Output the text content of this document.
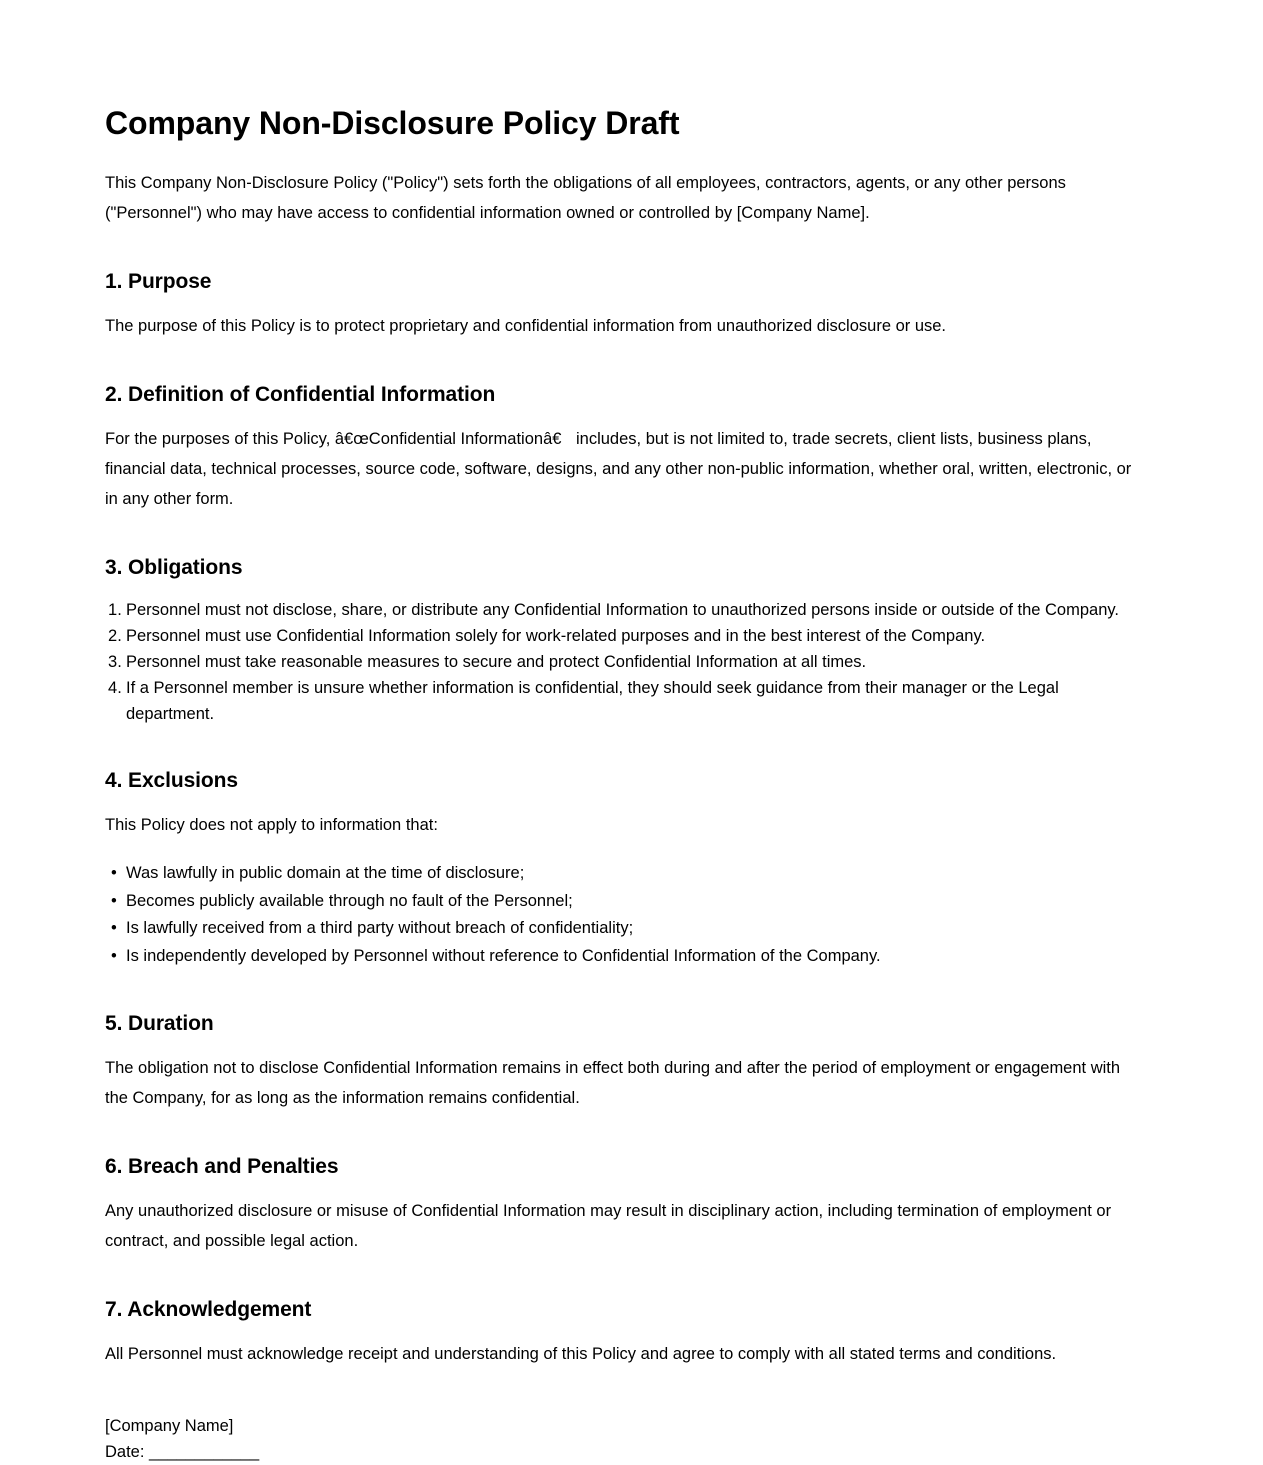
Company Non-Disclosure Policy Draft

This Company Non-Disclosure Policy ("Policy") sets forth the obligations of all employees, contractors, agents, or any other persons ("Personnel") who may have access to confidential information owned or controlled by [Company Name].

1. Purpose

The purpose of this Policy is to protect proprietary and confidential information from unauthorized disclosure or use.

2. Definition of Confidential Information

For the purposes of this Policy, â€œConfidential Informationâ€ includes, but is not limited to, trade secrets, client lists, business plans, financial data, technical processes, source code, software, designs, and any other non-public information, whether oral, written, electronic, or in any other form.

3. Obligations
Personnel must not disclose, share, or distribute any Confidential Information to unauthorized persons inside or outside of the Company.
Personnel must use Confidential Information solely for work-related purposes and in the best interest of the Company.
Personnel must take reasonable measures to secure and protect Confidential Information at all times.
If a Personnel member is unsure whether information is confidential, they should seek guidance from their manager or the Legal department.
4. Exclusions

This Policy does not apply to information that:

• Was lawfully in public domain at the time of disclosure;
• Becomes publicly available through no fault of the Personnel;
• Is lawfully received from a third party without breach of confidentiality;
• Is independently developed by Personnel without reference to Confidential Information of the Company.
5. Duration

The obligation not to disclose Confidential Information remains in effect both during and after the period of employment or engagement with the Company, for as long as the information remains confidential.

6. Breach and Penalties

Any unauthorized disclosure or misuse of Confidential Information may result in disciplinary action, including termination of employment or contract, and possible legal action.

7. Acknowledgement

All Personnel must acknowledge receipt and understanding of this Policy and agree to comply with all stated terms and conditions.

[Company Name]
Date: ____________
